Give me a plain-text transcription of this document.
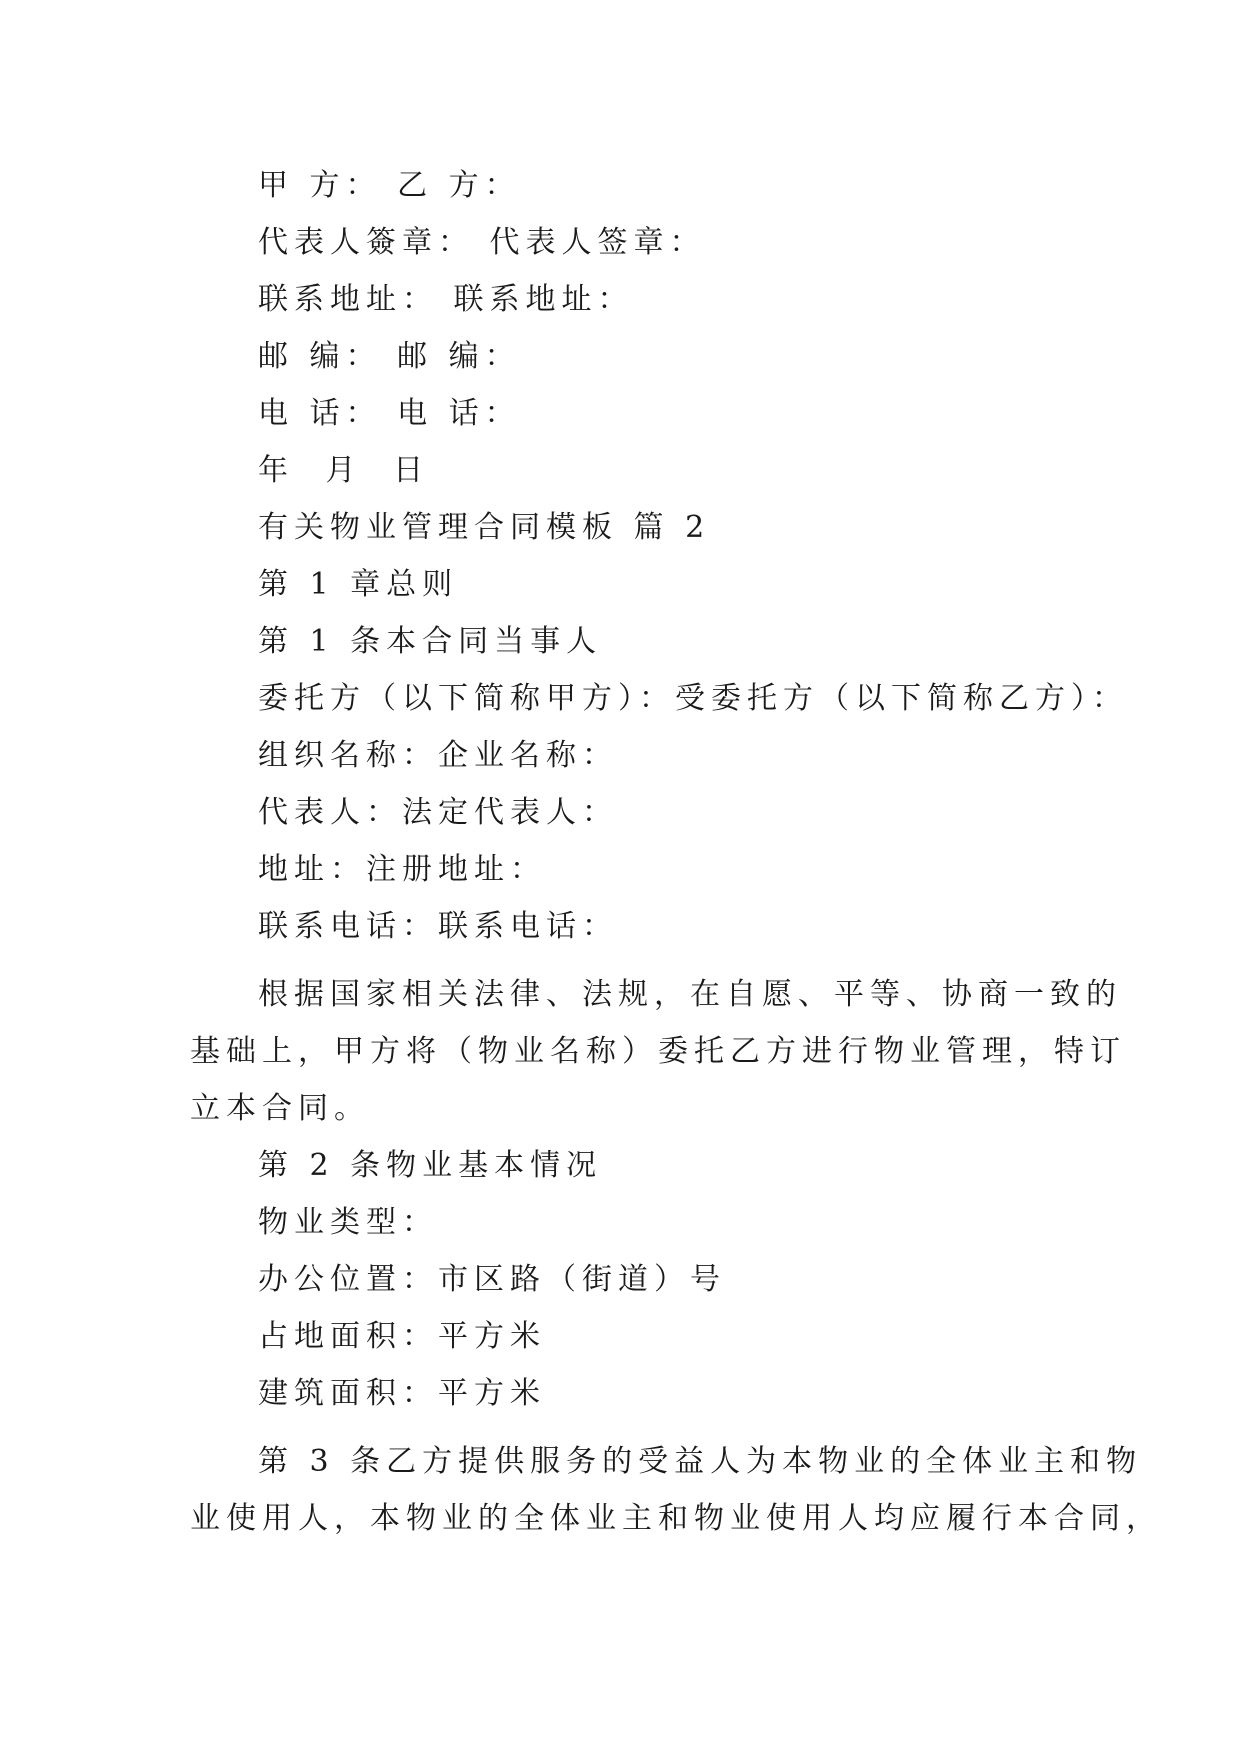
甲 方： 乙 方：
代表人簽章： 代表人签章：
联系地址： 联系地址：
邮 编： 邮 编：
电 话： 电 话：
年 月 日
有关物业管理合同模板 篇 2
第 1 章总则
第 1 条本合同当事人
委托方（以下简称甲方）：受委托方（以下简称乙方）：
组织名称：企业名称：
代表人：法定代表人：
地址：注册地址：
联系电话：联系电话：
根据国家相关法律、法规，在自愿、平等、协商一致的
基础上，甲方将（物业名称）委托乙方进行物业管理，特订
立本合同。
第 2 条物业基本情况
物业类型：
办公位置：市区路（街道）号
占地面积：平方米
建筑面积：平方米
第 3 条乙方提供服务的受益人为本物业的全体业主和物
业使用人，本物业的全体业主和物业使用人均应履行本合同，
